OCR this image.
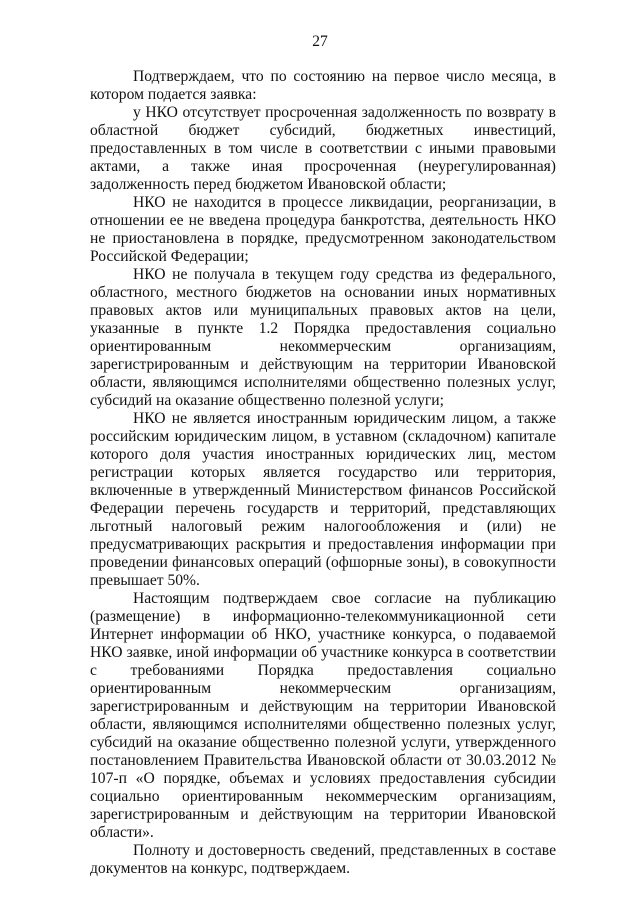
27

Подтверждаем, что по состоянию на первое число месяца, в котором подается заявка:

у НКО отсутствует просроченная задолженность по возврату в областной бюджет субсидий, бюджетных инвестиций, предоставленных в том числе в соответствии с иными правовыми актами, а также иная просроченная (неурегулированная) задолженность перед бюджетом Ивановской области;

НКО не находится в процессе ликвидации, реорганизации, в отношении ее не введена процедура банкротства, деятельность НКО не приостановлена в порядке, предусмотренном законодательством Российской Федерации;

НКО не получала в текущем году средства из федерального, областного, местного бюджетов на основании иных нормативных правовых актов или муниципальных правовых актов на цели, указанные в пункте 1.2 Порядка предоставления социально ориентированным некоммерческим организациям, зарегистрированным и действующим на территории Ивановской области, являющимся исполнителями общественно полезных услуг, субсидий на оказание общественно полезной услуги;

НКО не является иностранным юридическим лицом, а также российским юридическим лицом, в уставном (складочном) капитале которого доля участия иностранных юридических лиц, местом регистрации которых является государство или территория, включенные в утвержденный Министерством финансов Российской Федерации перечень государств и территорий, представляющих льготный налоговый режим налогообложения и (или) не предусматривающих раскрытия и предоставления информации при проведении финансовых операций (офшорные зоны), в совокупности превышает 50%.

Настоящим подтверждаем свое согласие на публикацию (размещение) в информационно-телекоммуникационной сети Интернет информации об НКО, участнике конкурса, о подаваемой НКО заявке, иной информации об участнике конкурса в соответствии с требованиями Порядка предоставления социально ориентированным некоммерческим организациям, зарегистрированным и действующим на территории Ивановской области, являющимся исполнителями общественно полезных услуг, субсидий на оказание общественно полезной услуги, утвержденного постановлением Правительства Ивановской области от 30.03.2012 № 107-п «О порядке, объемах и условиях предоставления субсидии социально ориентированным некоммерческим организациям, зарегистрированным и действующим на территории Ивановской области».

Полноту и достоверность сведений, представленных в составе документов на конкурс, подтверждаем.
